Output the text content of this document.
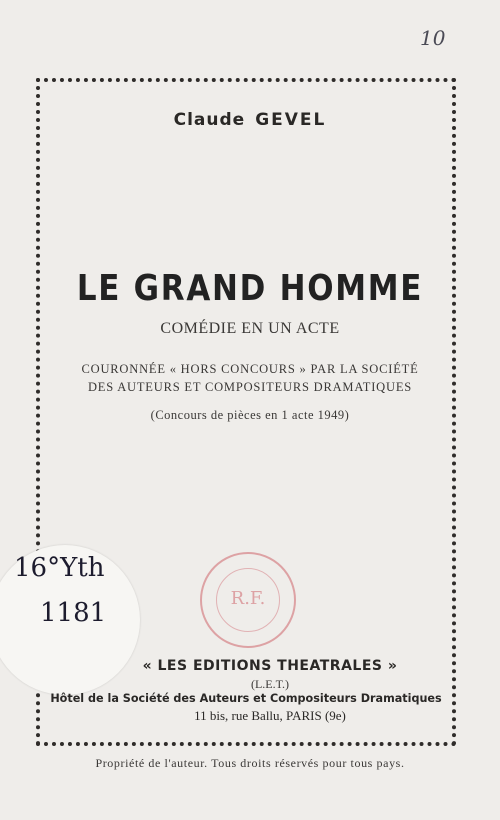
10
Claude GEVEL
LE GRAND HOMME
COMÉDIE EN UN ACTE
COURONNÉE « HORS CONCOURS » PAR LA SOCIÉTÉ
DES AUTEURS ET COMPOSITEURS DRAMATIQUES
(Concours de pièces en 1 acte 1949)
16°Yth
1181	R.F.
« LES EDITIONS THEATRALES »
(L.E.T.)
Hôtel de la Société des Auteurs et Compositeurs Dramatiques
11 bis, rue Ballu, PARIS (9e)
Propriété de l'auteur. Tous droits réservés pour tous pays.
